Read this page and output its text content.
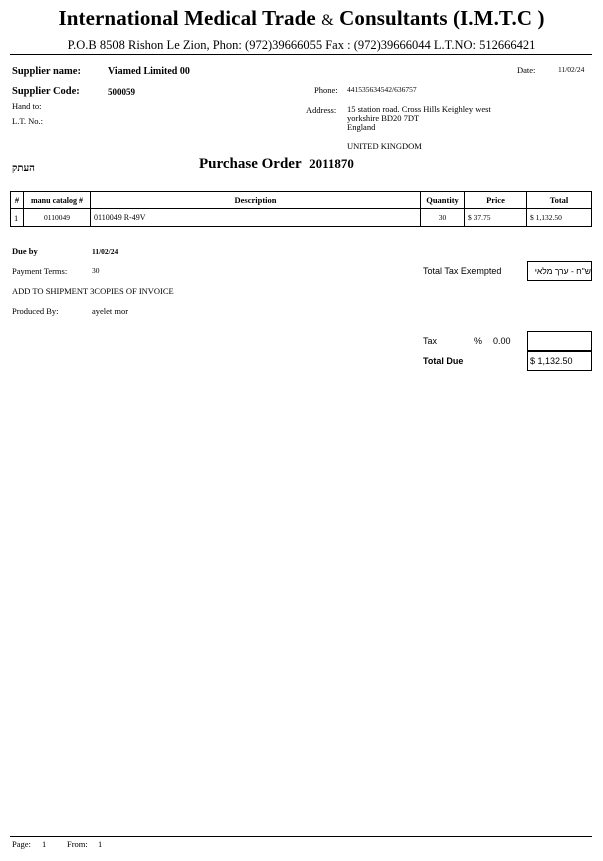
International Medical Trade & Consultants (I.M.T.C )
P.O.B 8508 Rishon Le Zion, Phon: (972)39666055 Fax : (972)39666044 L.T.NO: 512666421
Supplier name:	Viamed Limited 00
Supplier Code:	500059
Hand to:
L.T. No.:
Phone: 441535634542/636757
Address: 15 station road. Cross Hills Keighley west
yorkshire BD20 7DT
England
UNITED KINGDOM
Date:	11/02/24
העתק	Purchase Order 2011870
#	manu catalog #	Description	Quantity	Price	Total
1	0110049	0110049 R-49V	30	$ 37.75	$ 1,132.50
Due by	11/02/24
Payment Terms:	30
ADD TO SHIPMENT 3COPIES OF INVOICE
Produced By:	ayelet mor
Total Tax Exempted	ש"ח - ערך מלאי
Tax	% 0.00
Total Due	$ 1,132.50
Page: 1 From: 1
